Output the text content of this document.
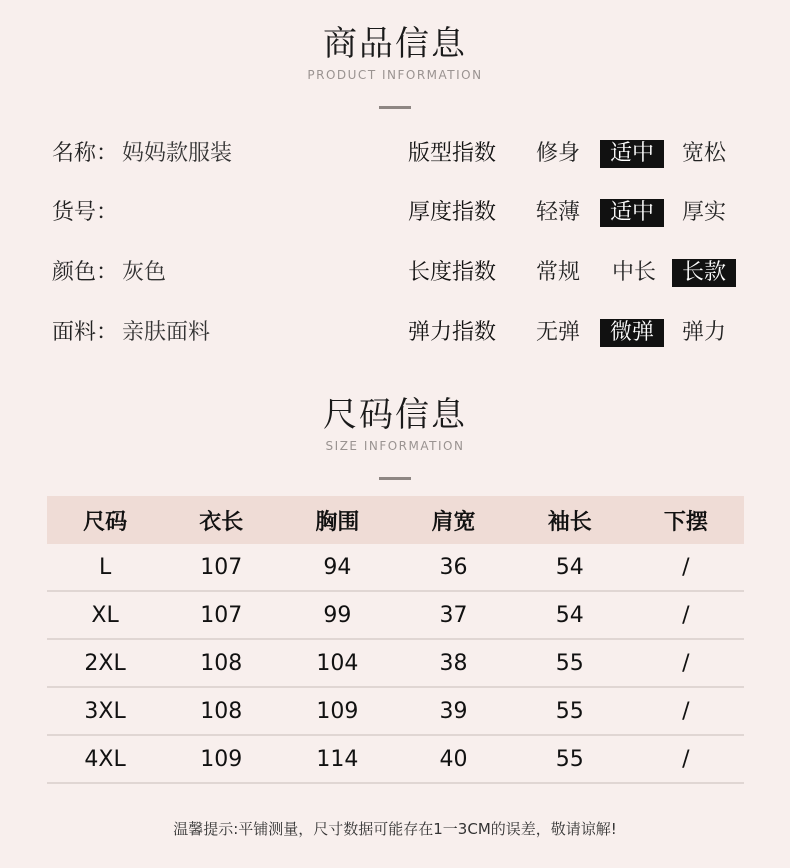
商品信息
PRODUCT INFORMATION
名称： 妈妈款服装	版型指数 修身	适中	宽松
货号：	厚度指数 轻薄	适中	厚实
颜色： 灰色	长度指数 常规 中长	长款
面料： 亲肤面料	弹力指数 无弹	微弹	弹力
尺码信息
SIZE INFORMATION
尺码	衣长	胸围	肩宽	袖长	下摆
L	107	94	36	54	/
XL	107	99	37	54	/
2XL	108	104	38	55	/
3XL	108	109	39	55	/
4XL	109	114	40	55	/
温馨提示:平铺测量，尺寸数据可能存在1一3CM的误差，敬请谅解!
